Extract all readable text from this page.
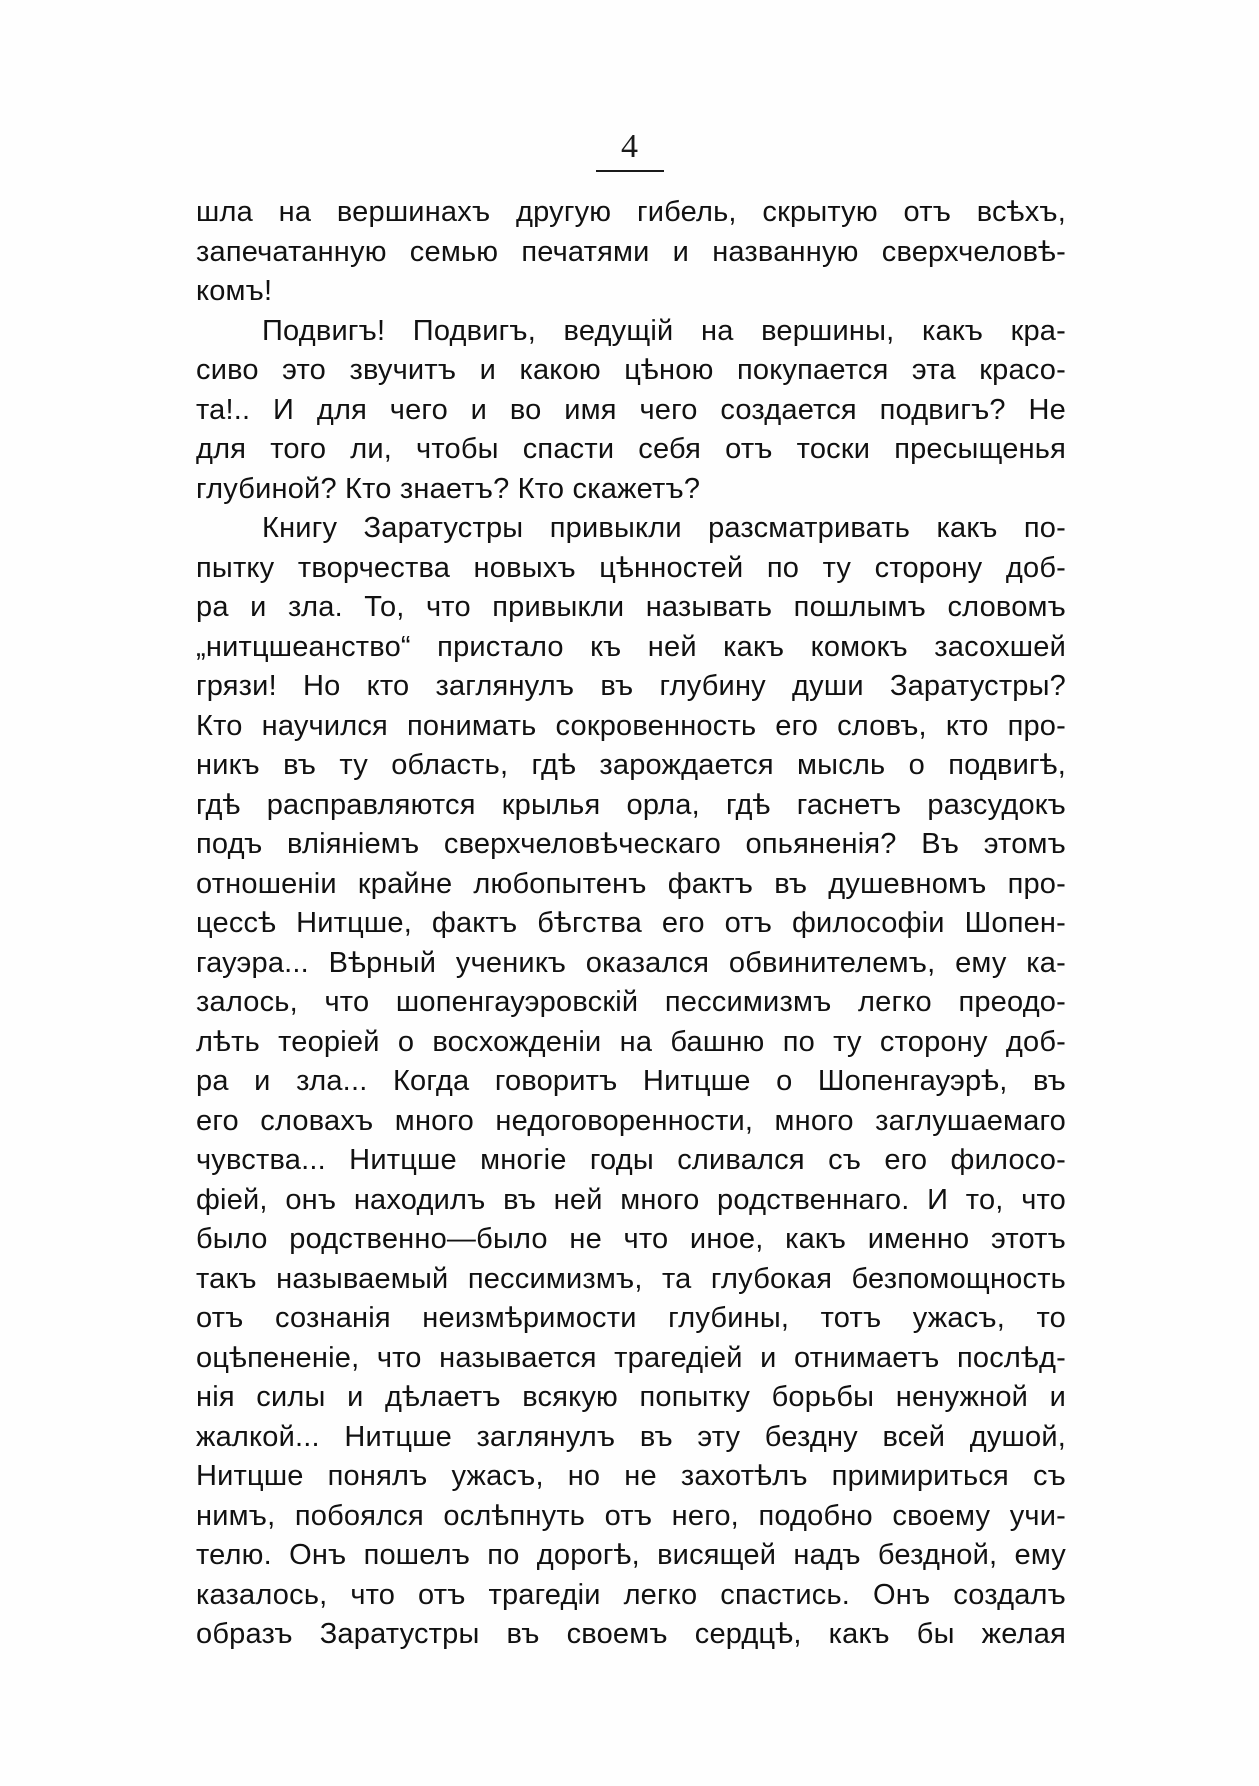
4
шла на вершинахъ другую гибель, скрытую отъ всѣхъ,
запечатанную семью печатями и названную сверхчеловѣ-
комъ!
Подвигъ! Подвигъ, ведущій на вершины, какъ кра-
сиво это звучитъ и какою цѣною покупается эта красо-
та!.. И для чего и во имя чего создается подвигъ? Не
для того ли, чтобы спасти себя отъ тоски пресыщенья
глубиной? Кто знаетъ? Кто скажетъ?
Книгу Заратустры привыкли разсматривать какъ по-
пытку творчества новыхъ цѣнностей по ту сторону доб-
ра и зла. То, что привыкли называть пошлымъ словомъ
„нитцшеанство“ пристало къ ней какъ комокъ засохшей
грязи! Но кто заглянулъ въ глубину души Заратустры?
Кто научился понимать сокровенность его словъ, кто про-
никъ въ ту область, гдѣ зарождается мысль о подвигѣ,
гдѣ расправляются крылья орла, гдѣ гаснетъ разсудокъ
подъ вліяніемъ сверхчеловѣческаго опьяненія? Въ этомъ
отношеніи крайне любопытенъ фактъ въ душевномъ про-
цессѣ Нитцше, фактъ бѣгства его отъ философіи Шопен-
гауэра... Вѣрный ученикъ оказался обвинителемъ, ему ка-
залось, что шопенгауэровскій пессимизмъ легко преодо-
лѣть теоріей о восхожденіи на башню по ту сторону доб-
ра и зла... Когда говоритъ Нитцше о Шопенгауэрѣ, въ
его словахъ много недоговоренности, много заглушаемаго
чувства... Нитцше многіе годы сливался съ его филосо-
фіей, онъ находилъ въ ней много родственнаго. И то, что
было родственно—было не что иное, какъ именно этотъ
такъ называемый пессимизмъ, та глубокая безпомощность
отъ сознанія неизмѣримости глубины, тотъ ужасъ, то
оцѣпененіе, что называется трагедіей и отнимаетъ послѣд-
нія силы и дѣлаетъ всякую попытку борьбы ненужной и
жалкой... Нитцше заглянулъ въ эту бездну всей душой,
Нитцше понялъ ужасъ, но не захотѣлъ примириться съ
нимъ, побоялся ослѣпнуть отъ него, подобно своему учи-
телю. Онъ пошелъ по дорогѣ, висящей надъ бездной, ему
казалось, что отъ трагедіи легко спастись. Онъ создалъ
образъ Заратустры въ своемъ сердцѣ, какъ бы желая
